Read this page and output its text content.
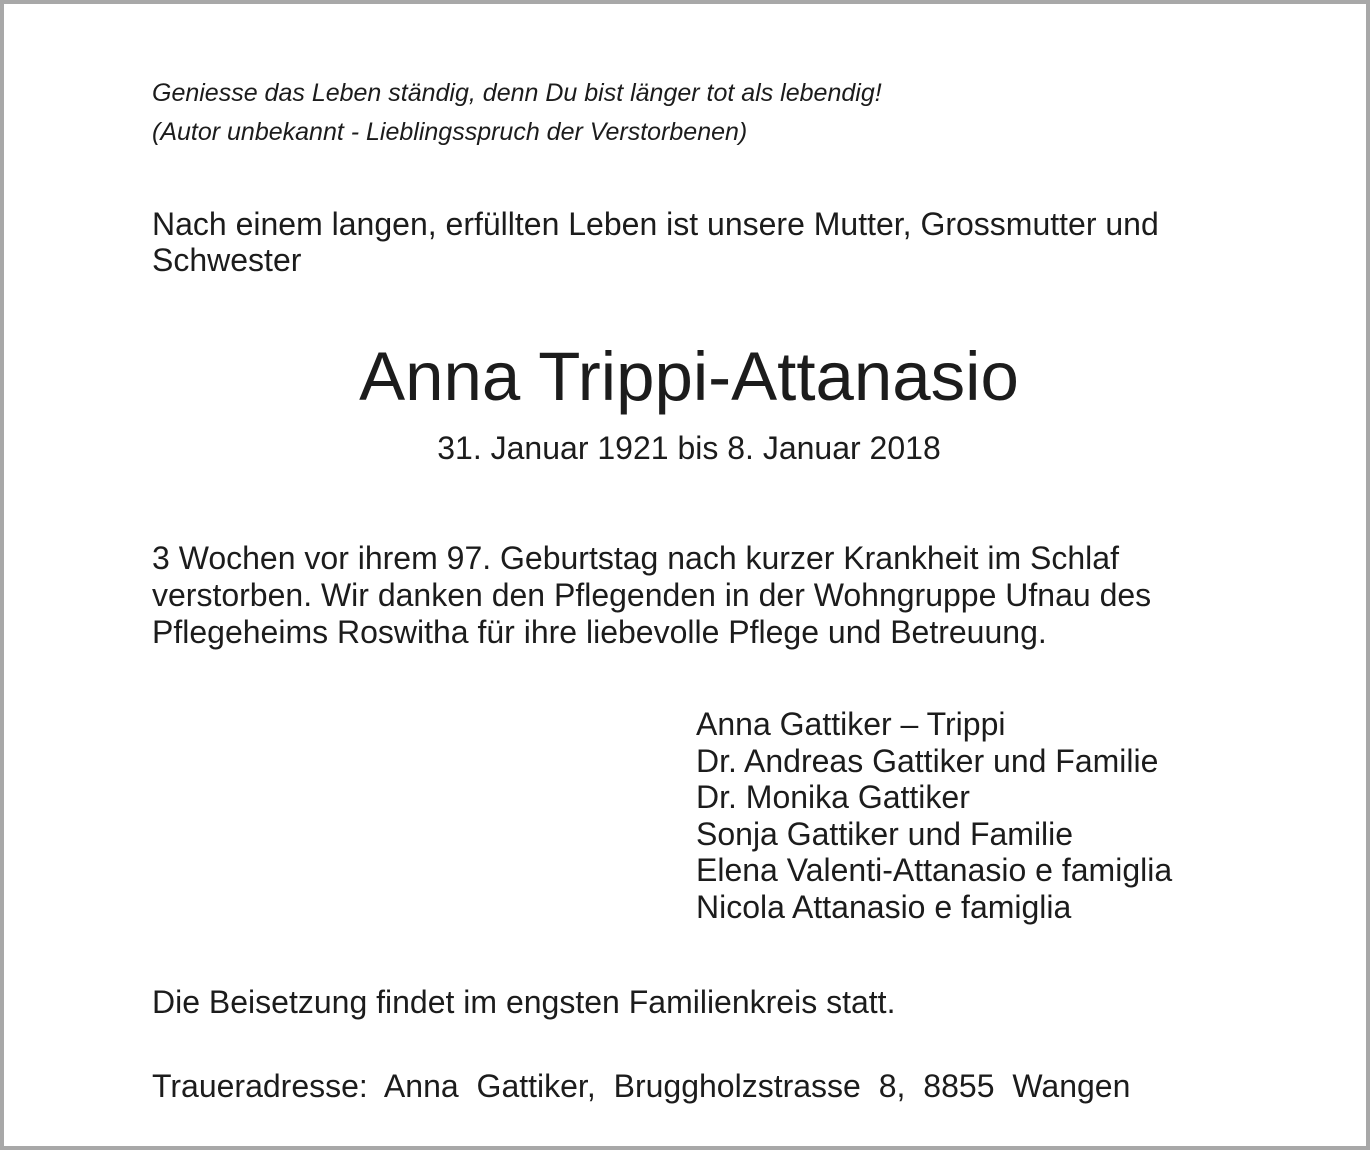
Geniesse das Leben ständig, denn Du bist länger tot als lebendig!
(Autor unbekannt - Lieblingsspruch der Verstorbenen)

Nach einem langen, erfüllten Leben ist unsere Mutter, Grossmutter und Schwester

Anna Trippi-Attanasio
31. Januar 1921 bis 8. Januar 2018

3 Wochen vor ihrem 97. Geburtstag nach kurzer Krankheit im Schlaf verstorben. Wir danken den Pflegenden in der Wohngruppe Ufnau des Pflegeheims Roswitha für ihre liebevolle Pflege und Betreuung.

Anna Gattiker – Trippi
Dr. Andreas Gattiker und Familie
Dr. Monika Gattiker
Sonja Gattiker und Familie
Elena Valenti-Attanasio e famiglia
Nicola Attanasio e famiglia

Die Beisetzung findet im engsten Familienkreis statt.

Traueradresse: Anna Gattiker, Bruggholzstrasse 8, 8855 Wangen
